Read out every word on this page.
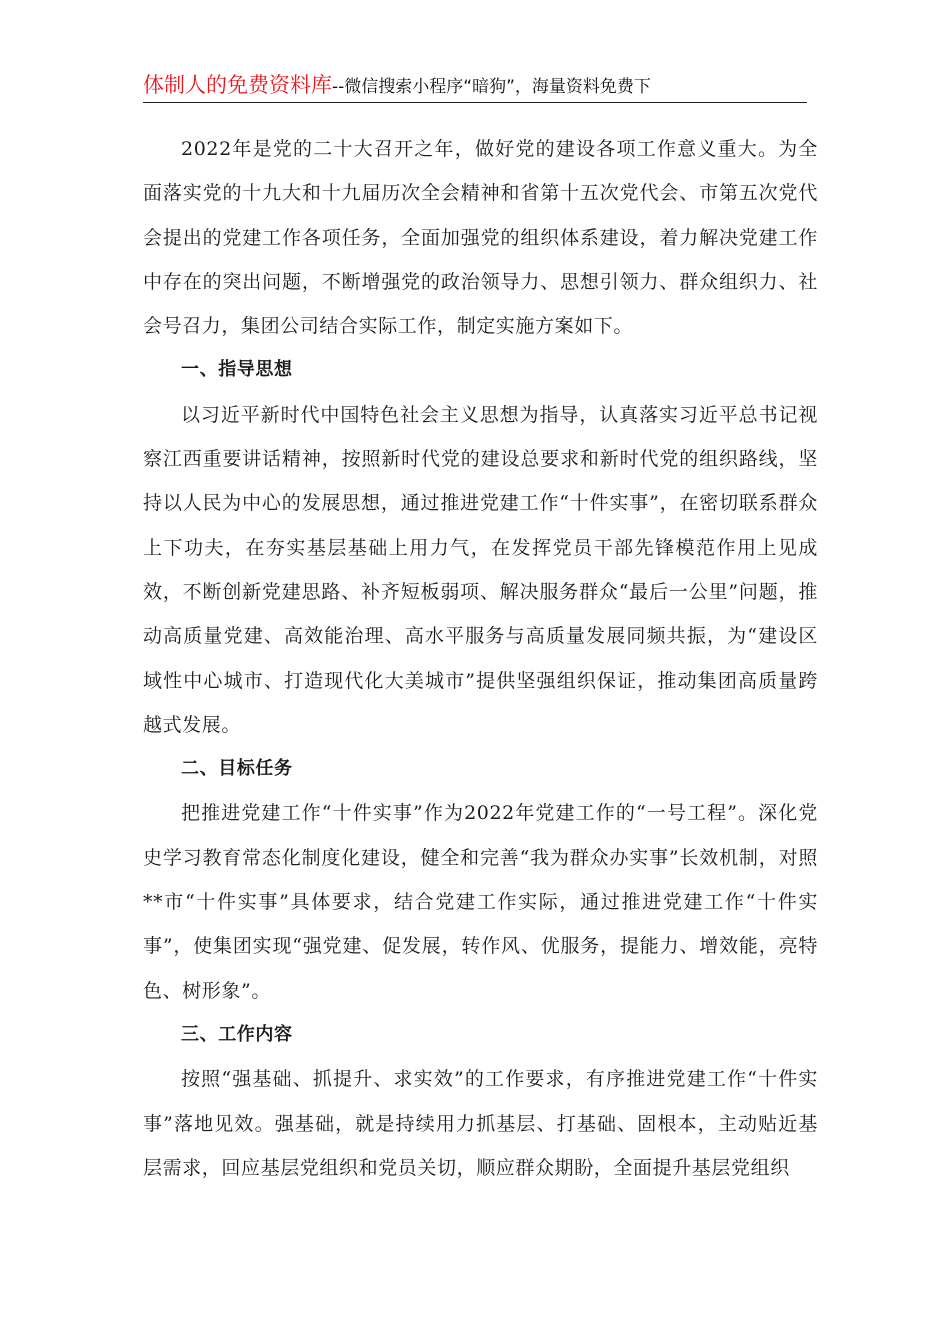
体制人的免费资料库--微信搜索小程序“暗狗”，海量资料免费下

2022年是党的二十大召开之年，做好党的建设各项工作意义重大。为全面落实党的十九大和十九届历次全会精神和省第十五次党代会、市第五次党代会提出的党建工作各项任务，全面加强党的组织体系建设，着力解决党建工作中存在的突出问题，不断增强党的政治领导力、思想引领力、群众组织力、社会号召力，集团公司结合实际工作，制定实施方案如下。

一、指导思想

以习近平新时代中国特色社会主义思想为指导，认真落实习近平总书记视察江西重要讲话精神，按照新时代党的建设总要求和新时代党的组织路线，坚持以人民为中心的发展思想，通过推进党建工作“十件实事”，在密切联系群众上下功夫，在夯实基层基础上用力气，在发挥党员干部先锋模范作用上见成效，不断创新党建思路、补齐短板弱项、解决服务群众“最后一公里”问题，推动高质量党建、高效能治理、高水平服务与高质量发展同频共振，为“建设区域性中心城市、打造现代化大美城市”提供坚强组织保证，推动集团高质量跨越式发展。

二、目标任务

把推进党建工作“十件实事”作为2022年党建工作的“一号工程”。深化党史学习教育常态化制度化建设，健全和完善“我为群众办实事”长效机制，对照**市“十件实事”具体要求，结合党建工作实际，通过推进党建工作“十件实事”，使集团实现“强党建、促发展，转作风、优服务，提能力、增效能，亮特色、树形象”。

三、工作内容

按照“强基础、抓提升、求实效”的工作要求，有序推进党建工作“十件实事”落地见效。强基础，就是持续用力抓基层、打基础、固根本，主动贴近基层需求，回应基层党组织和党员关切，顺应群众期盼，全面提升基层党组织
